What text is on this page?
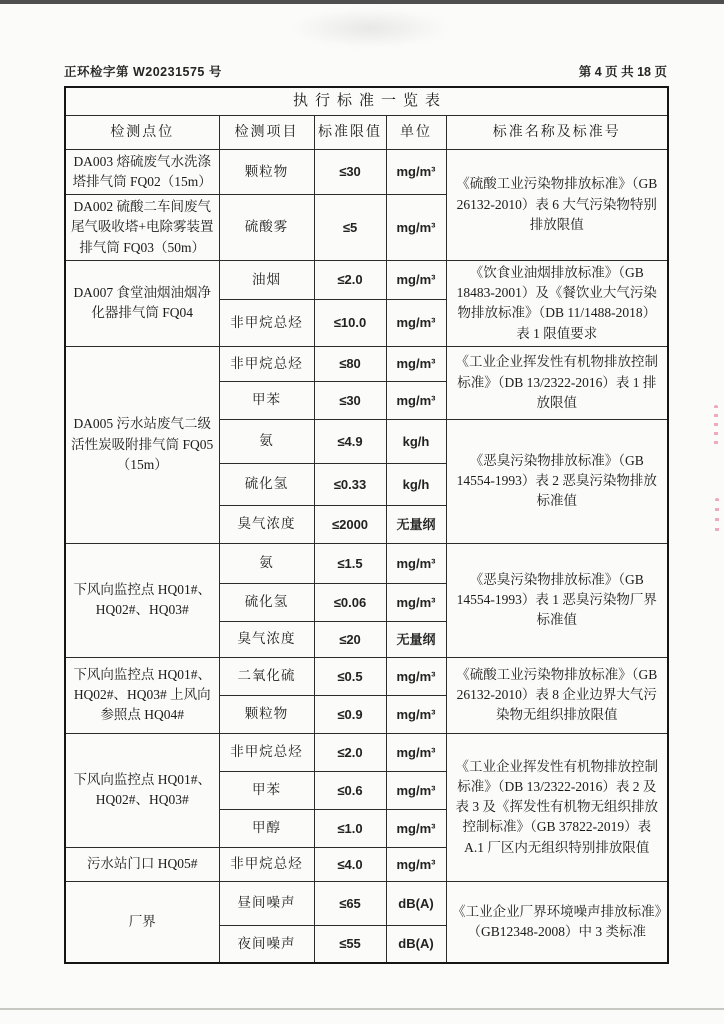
正环检字第 W20231575 号	第 4 页 共 18 页
执行标准一览表				
检测点位	检测项目	标准限值	单位	标准名称及标准号
DA003 熔硫废气水洗涤塔排气筒 FQ02（15m）	颗粒物	≤30	mg/m³	《硫酸工业污染物排放标准》（GB 26132-2010）表 6 大气污染物特别排放限值
DA002 硫酸二车间废气尾气吸收塔+电除雾装置排气筒 FQ03（50m）	硫酸雾	≤5	mg/m³	
DA007 食堂油烟油烟净化器排气筒 FQ04	油烟	≤2.0	mg/m³	《饮食业油烟排放标准》（GB 18483-2001）及《餐饮业大气污染物排放标准》（DB 11/1488-2018）表 1 限值要求
	非甲烷总烃	≤10.0	mg/m³	
DA005 污水站废气二级活性炭吸附排气筒 FQ05（15m）	非甲烷总烃	≤80	mg/m³	《工业企业挥发性有机物排放控制标准》（DB 13/2322-2016）表 1 排放限值
	甲苯	≤30	mg/m³	
	氨	≤4.9	kg/h	《恶臭污染物排放标准》（GB 14554-1993）表 2 恶臭污染物排放标准值
	硫化氢	≤0.33	kg/h	
	臭气浓度	≤2000	无量纲	
下风向监控点 HQ01#、HQ02#、HQ03#	氨	≤1.5	mg/m³	《恶臭污染物排放标准》（GB 14554-1993）表 1 恶臭污染物厂界标准值
	硫化氢	≤0.06	mg/m³	
	臭气浓度	≤20	无量纲	
下风向监控点 HQ01#、HQ02#、HQ03# 上风向参照点 HQ04#	二氧化硫	≤0.5	mg/m³	《硫酸工业污染物排放标准》（GB 26132-2010）表 8 企业边界大气污染物无组织排放限值
	颗粒物	≤0.9	mg/m³	
下风向监控点 HQ01#、HQ02#、HQ03#	非甲烷总烃	≤2.0	mg/m³	《工业企业挥发性有机物排放控制标准》（DB 13/2322-2016）表 2 及表 3 及《挥发性有机物无组织排放控制标准》（GB 37822-2019）表 A.1 厂区内无组织特别排放限值
	甲苯	≤0.6	mg/m³	
	甲醇	≤1.0	mg/m³	
污水站门口 HQ05#	非甲烷总烃	≤4.0	mg/m³	
厂界	昼间噪声	≤65	dB(A)	《工业企业厂界环境噪声排放标准》（GB12348-2008）中 3 类标准
	夜间噪声	≤55	dB(A)	
